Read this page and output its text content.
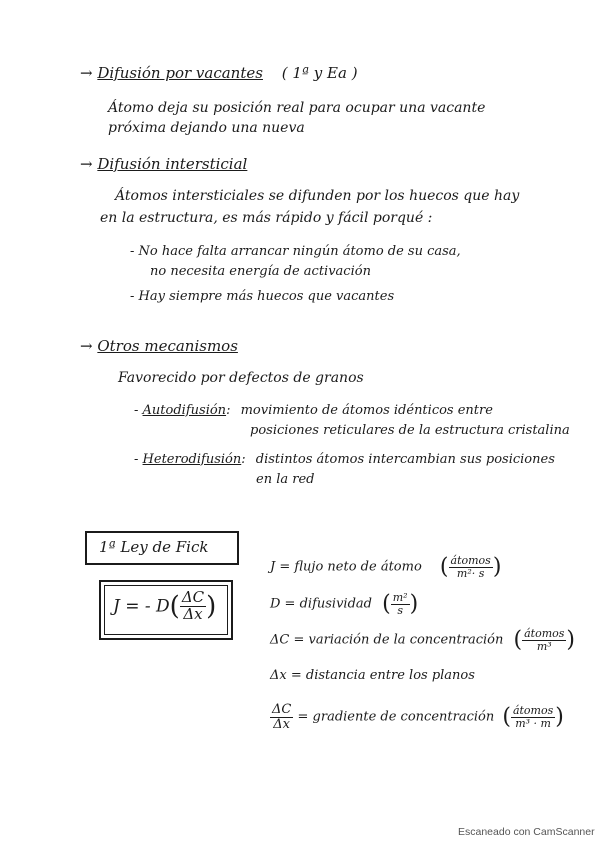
→ Difusión por vacantes ( 1ª y Ea )
Átomo deja su posición real para ocupar una vacante
próxima dejando una nueva
→ Difusión intersticial
Átomos intersticiales se difunden por los huecos que hay
en la estructura, es más rápido y fácil porqué :
- No hace falta arrancar ningún átomo de su casa,
no necesita energía de activación
- Hay siempre más huecos que vacantes
→ Otros mecanismos
Favorecido por defectos de granos
- Autodifusión: movimiento de átomos idénticos entre
posiciones reticulares de la estructura cristalina
- Heterodifusión: distintos átomos intercambian sus posiciones
en la red
1ª Ley de Fick
J = - $D( \frac{\Delta C}{\Delta x}$ )
J = flujo neto de átomo ( $\frac{\text{átomos}}{\text{m²· s}}$ )
D = difusividad ( $\frac{\text{m²}}{s}$ )
ΔC = variación de la concentración ( $\frac{\text{átomos}}{\text{m³}}$ )
Δx = distancia entre los planos
$\frac{\Delta C}{\Delta x}$ = gradiente de concentración ( $\frac{\text{átomos}}{\text{m³ · m}}$ )
Escaneado con CamScanner
